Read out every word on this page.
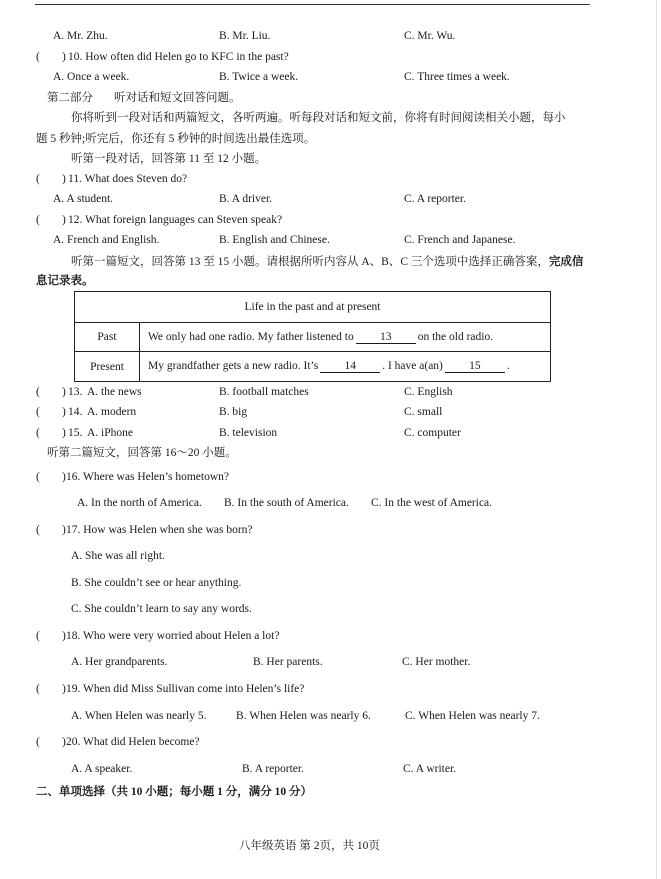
A. Mr. Zhu.	B. Mr. Liu.	C. Mr. Wu.
( ) 10. How often did Helen go to KFC in the past?
A. Once a week.	B. Twice a week.	C. Three times a week.
第二部分 听对话和短文回答问题。
你将听到一段对话和两篇短文，各听两遍。听每段对话和短文前，你将有时间阅读相关小题，每小
题 5 秒钟;听完后，你还有 5 秒钟的时间选出最佳选项。
听第一段对话，回答第 11 至 12 小题。
( ) 11. What does Steven do?
A. A student.	B. A driver.	C. A reporter.
( ) 12. What foreign languages can Steven speak?
A. French and English.	B. English and Chinese.	C. French and Japanese.
听第一篇短文，回答第 13 至 15 小题。请根据所听内容从 A、B、C 三个选项中选择正确答案，完成信
息记录表。
Life in the past and at present	
Past	We only had one radio. My father listened to 13 on the old radio.
Present	My grandfather gets a new radio. It’s 14 . I have a(an) 15 .
( ) 13. A. the news	B. football matches	C. English
( ) 14. A. modern	B. big	C. small
( ) 15. A. iPhone	B. television	C. computer
听第二篇短文，回答第 16～20 小题。
( ) 16. Where was Helen’s hometown?
A. In the north of America. B. In the south of America. C. In the west of America.
( ) 17. How was Helen when she was born?
A. She was all right.
B. She couldn’t see or hear anything.
C. She couldn’t learn to say any words.
( ) 18. Who were very worried about Helen a lot?
A. Her grandparents.	B. Her parents.	C. Her mother.
( ) 19. When did Miss Sullivan come into Helen’s life?
A. When Helen was nearly 5.	B. When Helen was nearly 6.	C. When Helen was nearly 7.
( ) 20. What did Helen become?
A. A speaker.	B. A reporter.	C. A writer.
二、单项选择（共 10 小题；每小题 1 分，满分 10 分）
八年级英语 第 2页，共 10页
